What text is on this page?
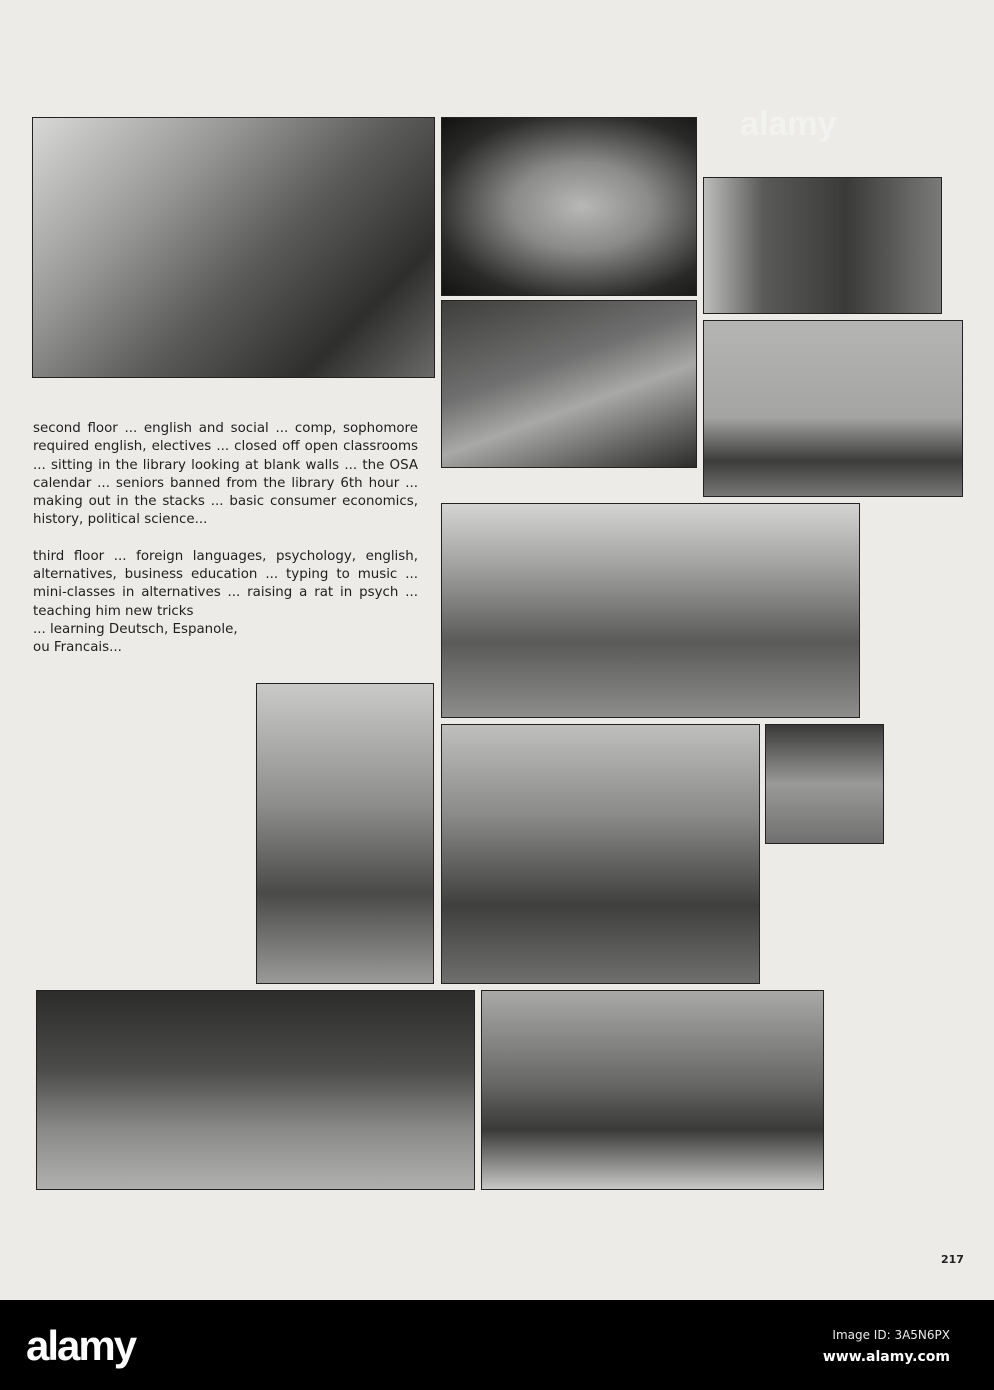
alamy

second floor ... english and social ... comp, sophomore required english, electives ... closed off open classrooms ... sitting in the library looking at blank walls ... the OSA calendar ... seniors banned from the library 6th hour ... making out in the stacks ... basic consumer economics, history, political science...

third floor ... foreign languages, psychology, english, alternatives, business education ... typing to music ... mini-classes in alternatives ... raising a rat in psych ... teaching him new tricks

... learning Deutsch, Espanole, ou Francais...

217
alamy	Image ID: 3A5N6PX
www.alamy.com
